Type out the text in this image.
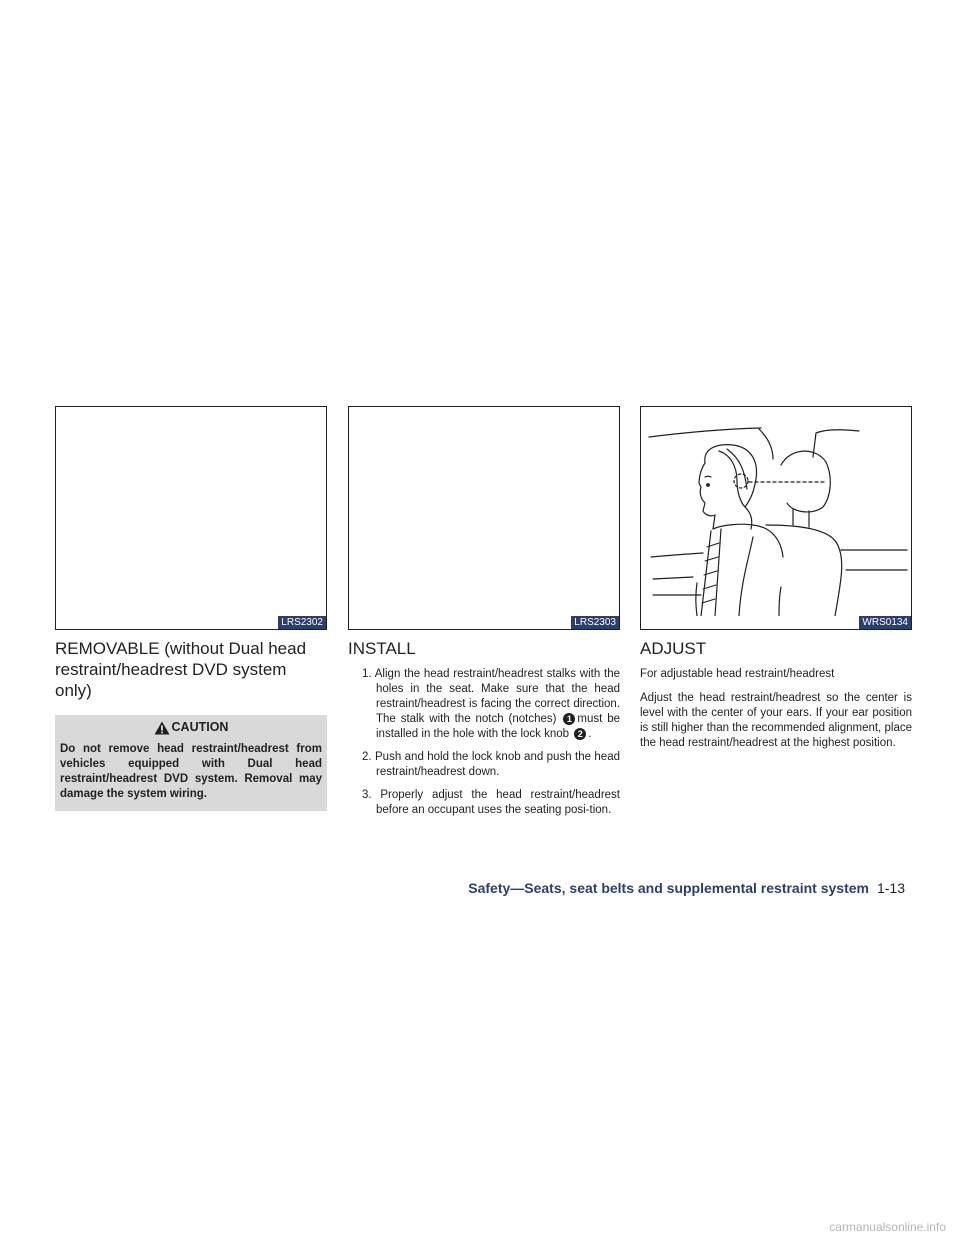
LRS2302
REMOVABLE (without Dual head restraint/headrest DVD system only)
CAUTION
Do not remove head restraint/headrest from vehicles equipped with Dual head restraint/headrest DVD system. Removal may damage the system wiring.
LRS2303
INSTALL
1. Align the head restraint/headrest stalks with the holes in the seat. Make sure that the head restraint/headrest is facing the correct direction. The stalk with the notch (notches) 1 must be installed in the hole with the lock knob 2 .
2. Push and hold the lock knob and push the head restraint/headrest down.
3. Properly adjust the head restraint/headrest before an occupant uses the seating posi-tion.
WRS0134
ADJUST

For adjustable head restraint/headrest

Adjust the head restraint/headrest so the center is level with the center of your ears. If your ear position is still higher than the recommended alignment, place the head restraint/headrest at the highest position.

Safety—Seats, seat belts and supplemental restraint system 1-13
carmanualsonline.info
